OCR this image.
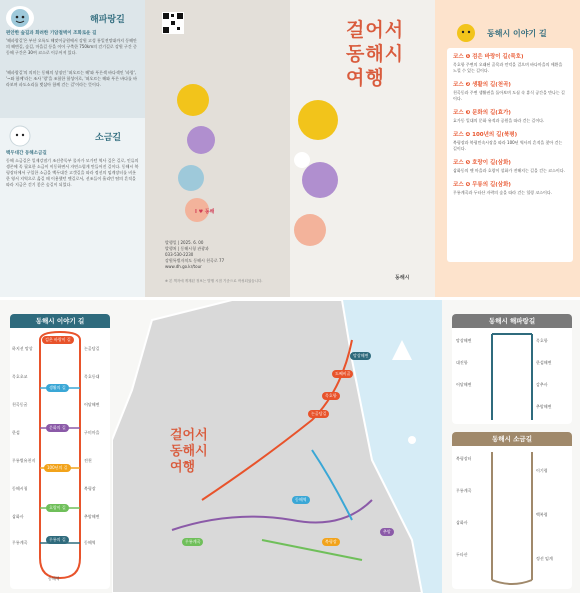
해파랑길
편안한 숲길과 화려한 기암절벽이 조화로운 길
'해파랑길'은 부산 오륙도 해맞이공원에서 강원 고성 통일전망대까지 동해안의 해변길, 숲길, 마을길 등을 이어 구축한 750km의 걷기길로 강원 구간 중 동해 구간은 30여 코스로 이루어져 있다.
'해파랑길'의 의미는 동해의 상징인 '떠오르는 해'와 푸른색 바다색인 '파랑', '~와 함께'라는 조사 '랑'을 조합한 합성어로, '떠오르는 해와 푸른 바다를 바라보며 파도소리를 벗삼아 함께 걷는 길'이라는 뜻이다.
소금길
백두대간 동해소금길
동해 소금길은 일제강점기 조선총독부 물자가 모가던 역사 깊은 길로, 인류의 생존에 꼭 필요한 소금이 이동하면서 자연스럽게 만들어진 길이다. 동해시 북평장터에서 구입한 소금을 백두대간 고갯길을 따라 정선의 임계장터를 비롯한 영서 지역으로 옮길 때 이용했던 옛길로서, 선조들이 흘리던 땀의 흔적을 따라 지금은 걷기 좋은 숲길이 되었다.
I ♥ 동해
발행일 | 2025. 6. 00
발행처 | 동해시청 관광과
033-530-2230
강원특별자치도 동해시 천곡로 77
www.dh.go.kr/tour
※ 본 책자에 게재된 정보는 발행 시점 기준으로 작성되었습니다.
걸어서
동해시
여행
동해시
동해시 이야기 길

코스 ❶ 검은 바랑이 길(묵호)

묵호항 주변의 오래된 골목과 언덕을 걸으며 바다마을의 애환을 느낄 수 있는 길이다.

코스 ❷ 생활의 길(천곡)

천곡동과 주변 생활권을 돌아보며 도심 속 휴식 공간을 만나는 길이다.

코스 ❸ 문화의 길(효가)

효가동 일대의 문화 유적과 공원을 따라 걷는 길이다.

코스 ❹ 100년의 길(북평)

북평장과 북평민속시장을 따라 100년 역사의 흔적을 찾아 걷는 길이다.

코스 ❺ 호랑이 길(삼화)

삼화동의 옛 마을과 호랑이 설화가 전해지는 길을 걷는 코스이다.

코스 ❻ 무릉의 길(삼화)

무릉계곡과 두타산 자락의 숲을 따라 걷는 힐링 코스이다.

동해시 이야기 길
하지선 망상
묵호초교
천곡동굴
한섬
무릉별유천지
동해시청
삼화사
무릉계곡
논골담길
묵호등대
어달해변
구미마을
전천
북평장
추암해변
동해역
검은 바랑이 길
생활의 길
문화의 길
100년의 길
호랑이 길
무릉의 길
동해역
걸어서
동해시
여행
묵호항
논골담길
도째비골
망상해변
동해역
북평장
무릉계곡
추암
동해시 해파랑길
망상해변
대진항
어달해변
묵호항
한섬해변
감추사
추암해변
동해시 소금길
북평장터
무릉계곡
삼화사
두타산
이기령
백복령
정선 임계
